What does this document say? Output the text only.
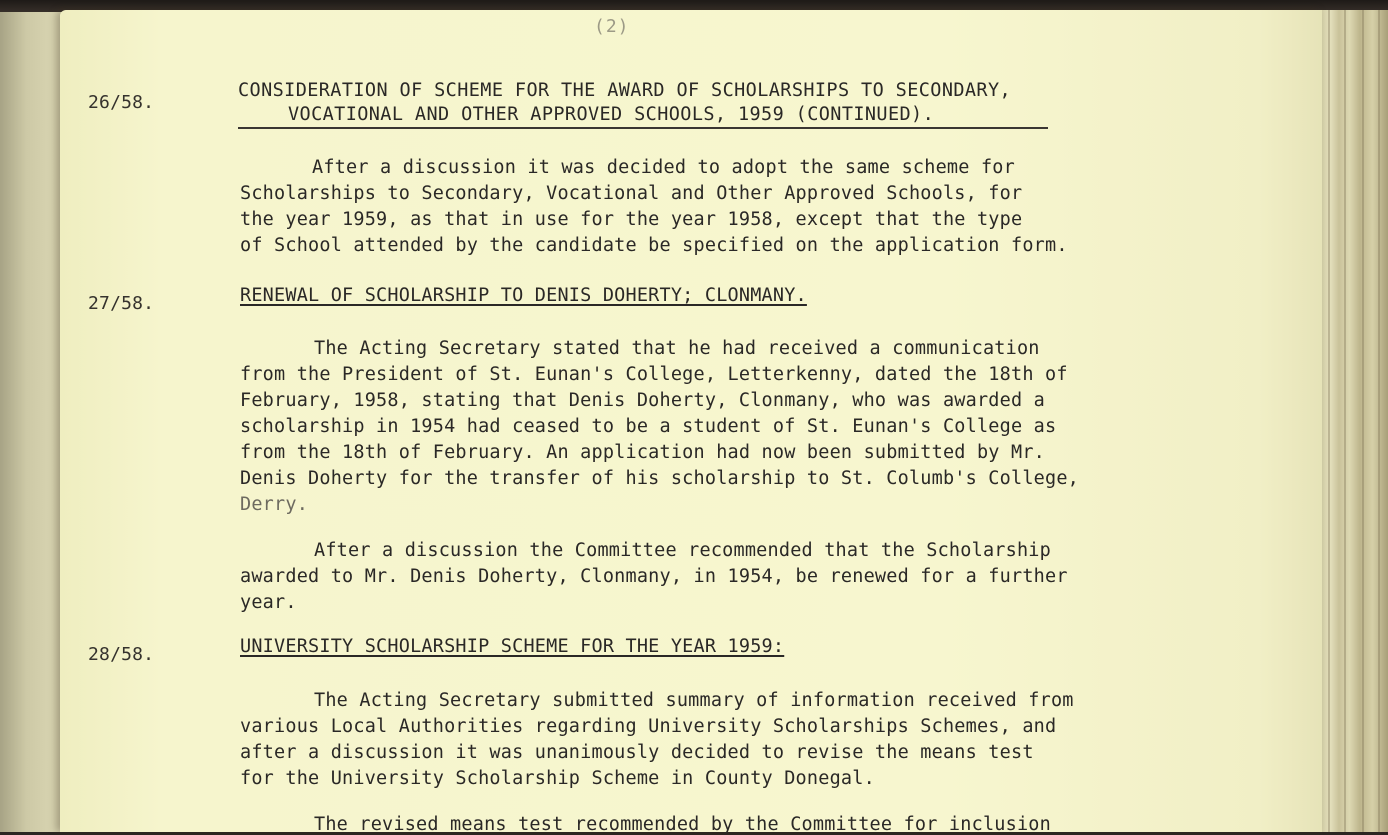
(2)
26/58.
CONSIDERATION OF SCHEME FOR THE AWARD OF SCHOLARSHIPS TO SECONDARY,
VOCATIONAL AND OTHER APPROVED SCHOOLS, 1959 (CONTINUED).
After a discussion it was decided to adopt the same scheme for
Scholarships to Secondary, Vocational and Other Approved Schools, for
the year 1959, as that in use for the year 1958, except that the type
of School attended by the candidate be specified on the application form.
27/58.	RENEWAL OF SCHOLARSHIP TO DENIS DOHERTY; CLONMANY.
The Acting Secretary stated that he had received a communication
from the President of St. Eunan's College, Letterkenny, dated the 18th of
February, 1958, stating that Denis Doherty, Clonmany, who was awarded a
scholarship in 1954 had ceased to be a student of St. Eunan's College as
from the 18th of February. An application had now been submitted by Mr.
Denis Doherty for the transfer of his scholarship to St. Columb's College,
Derry.
After a discussion the Committee recommended that the Scholarship
awarded to Mr. Denis Doherty, Clonmany, in 1954, be renewed for a further
year.
28/58.	UNIVERSITY SCHOLARSHIP SCHEME FOR THE YEAR 1959:
The Acting Secretary submitted summary of information received from
various Local Authorities regarding University Scholarships Schemes, and
after a discussion it was unanimously decided to revise the means test
for the University Scholarship Scheme in County Donegal.
The revised means test recommended by the Committee for inclusion
